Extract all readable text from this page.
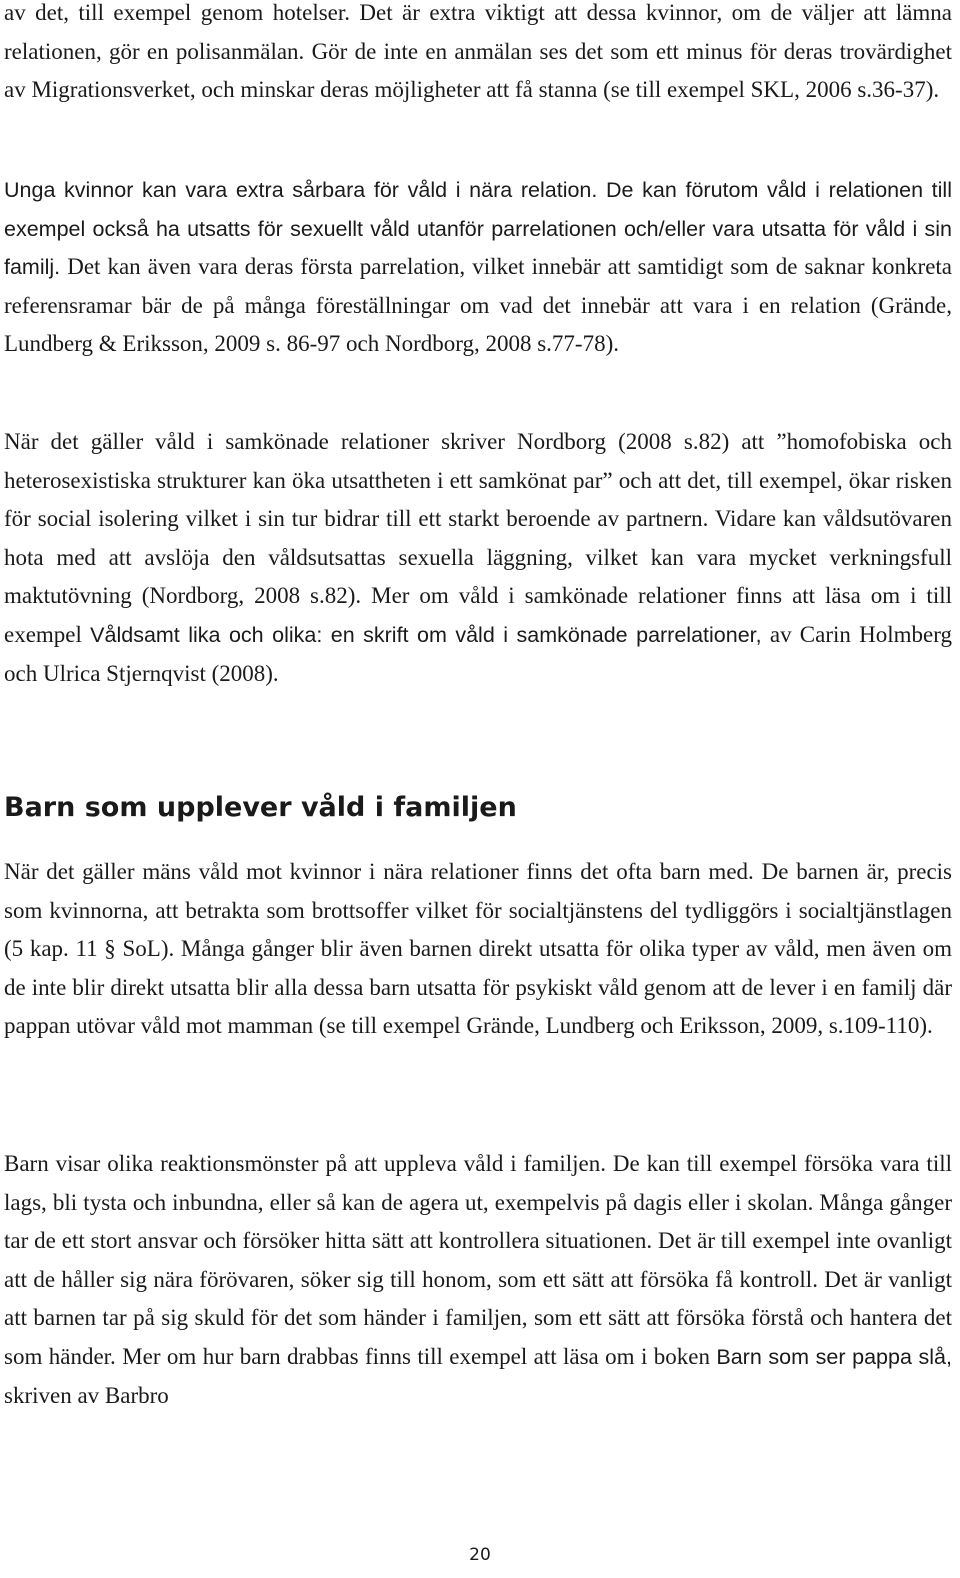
av det, till exempel genom hotelser. Det är extra viktigt att dessa kvinnor, om de väljer att lämna relationen, gör en polisanmälan. Gör de inte en anmälan ses det som ett minus för deras trovärdighet av Migrationsverket, och minskar deras möjligheter att få stanna (se till exempel SKL, 2006 s.36-37).

Unga kvinnor kan vara extra sårbara för våld i nära relation. De kan förutom våld i relationen till exempel också ha utsatts för sexuellt våld utanför parrelationen och/eller vara utsatta för våld i sin familj. Det kan även vara deras första parrelation, vilket innebär att samtidigt som de saknar konkreta referensramar bär de på många föreställningar om vad det innebär att vara i en relation (Grände, Lundberg & Eriksson, 2009 s. 86-97 och Nordborg, 2008 s.77-78).

När det gäller våld i samkönade relationer skriver Nordborg (2008 s.82) att ”homofobiska och heterosexistiska strukturer kan öka utsattheten i ett samkönat par” och att det, till exempel, ökar risken för social isolering vilket i sin tur bidrar till ett starkt beroende av partnern. Vidare kan våldsutövaren hota med att avslöja den våldsutsattas sexuella läggning, vilket kan vara mycket verkningsfull maktutövning (Nordborg, 2008 s.82). Mer om våld i samkönade relationer finns att läsa om i till exempel Våldsamt lika och olika: en skrift om våld i samkönade parrelationer, av Carin Holmberg och Ulrica Stjernqvist (2008).

Barn som upplever våld i familjen

När det gäller mäns våld mot kvinnor i nära relationer finns det ofta barn med. De barnen är, precis som kvinnorna, att betrakta som brottsoffer vilket för socialtjänstens del tydliggörs i socialtjänstlagen (5 kap. 11 § SoL). Många gånger blir även barnen direkt utsatta för olika typer av våld, men även om de inte blir direkt utsatta blir alla dessa barn utsatta för psykiskt våld genom att de lever i en familj där pappan utövar våld mot mamman (se till exempel Grände, Lundberg och Eriksson, 2009, s.109-110).

Barn visar olika reaktionsmönster på att uppleva våld i familjen. De kan till exempel försöka vara till lags, bli tysta och inbundna, eller så kan de agera ut, exempelvis på dagis eller i skolan. Många gånger tar de ett stort ansvar och försöker hitta sätt att kontrollera situationen. Det är till exempel inte ovanligt att de håller sig nära förövaren, söker sig till honom, som ett sätt att försöka få kontroll. Det är vanligt att barnen tar på sig skuld för det som händer i familjen, som ett sätt att försöka förstå och hantera det som händer. Mer om hur barn drabbas finns till exempel att läsa om i boken Barn som ser pappa slå, skriven av Barbro

20
